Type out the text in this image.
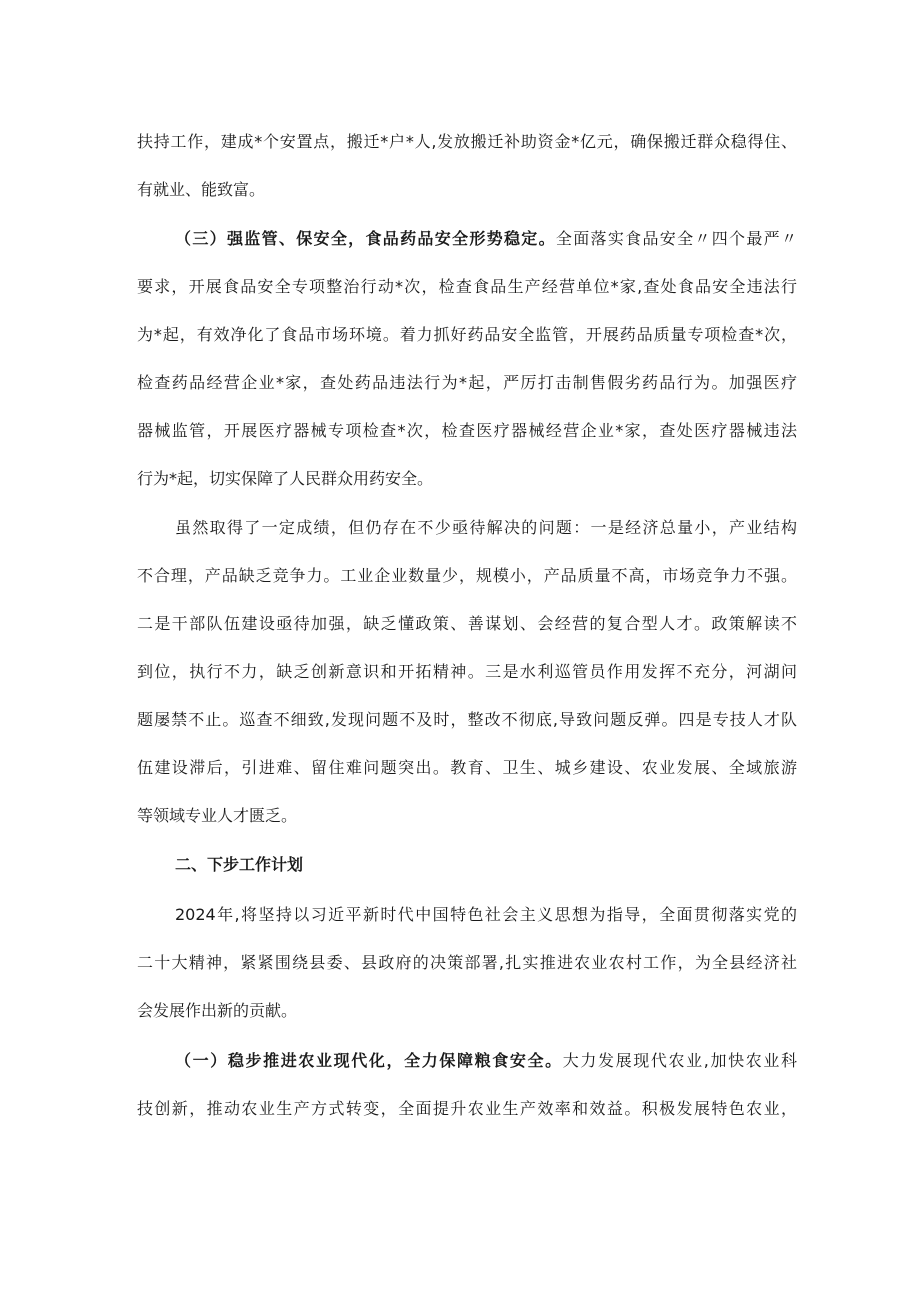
扶持工作，建成*个安置点，搬迁*户*人,发放搬迁补助资金*亿元，确保搬迁群众稳得住、
有就业、能致富。
（三）强监管、保安全，食品药品安全形势稳定。全面落实食品安全〃四个最严〃
要求，开展食品安全专项整治行动*次，检查食品生产经营单位*家,查处食品安全违法行
为*起，有效净化了食品市场环境。着力抓好药品安全监管，开展药品质量专项检查*次，
检查药品经营企业*家，查处药品违法行为*起，严厉打击制售假劣药品行为。加强医疗
器械监管，开展医疗器械专项检查*次，检查医疗器械经营企业*家，查处医疗器械违法
行为*起，切实保障了人民群众用药安全。
虽然取得了一定成绩，但仍存在不少亟待解决的问题：一是经济总量小，产业结构
不合理，产品缺乏竞争力。工业企业数量少，规模小，产品质量不高，市场竞争力不强。
二是干部队伍建设亟待加强，缺乏懂政策、善谋划、会经营的复合型人才。政策解读不
到位，执行不力，缺乏创新意识和开拓精神。三是水利巡管员作用发挥不充分，河湖问
题屡禁不止。巡查不细致,发现问题不及时，整改不彻底,导致问题反弹。四是专技人才队
伍建设滞后，引进难、留住难问题突出。教育、卫生、城乡建设、农业发展、全域旅游
等领域专业人才匮乏。
二、下步工作计划
2024年,将坚持以习近平新时代中国特色社会主义思想为指导，全面贯彻落实党的
二十大精神，紧紧围绕县委、县政府的决策部署,扎实推进农业农村工作，为全县经济社
会发展作出新的贡献。
（一）稳步推进农业现代化，全力保障粮食安全。大力发展现代农业,加快农业科
技创新，推动农业生产方式转变，全面提升农业生产效率和效益。积极发展特色农业，
